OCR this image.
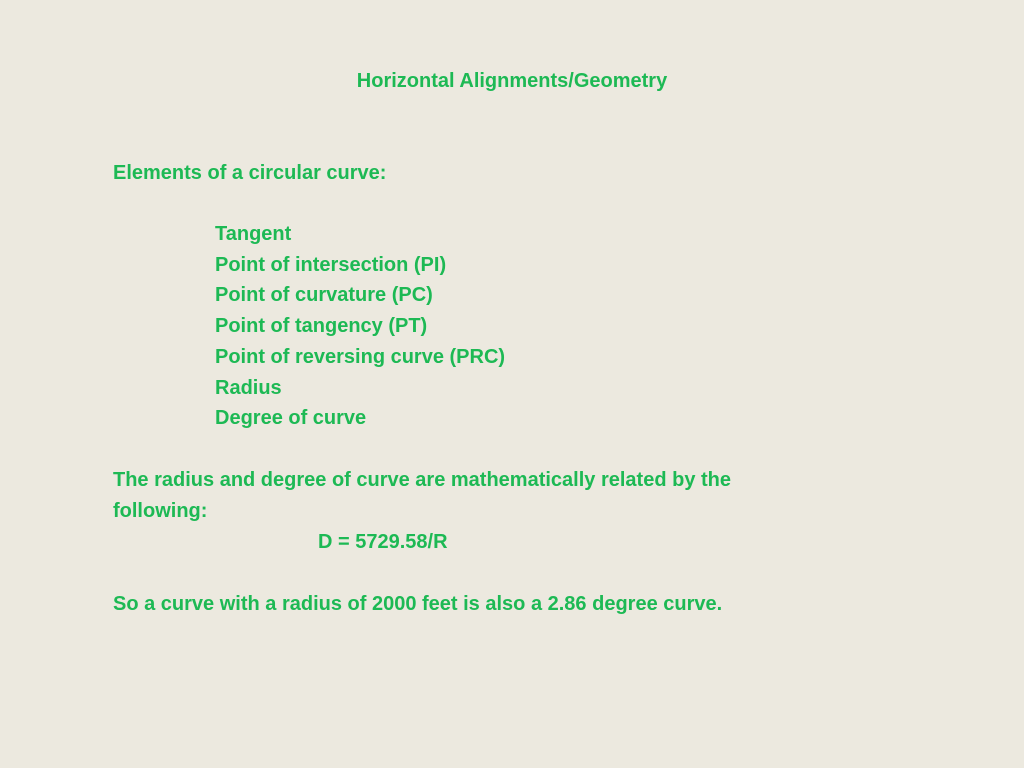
Horizontal Alignments/Geometry
Elements of a circular curve:
Tangent
Point of intersection (PI)
Point of curvature (PC)
Point of tangency (PT)
Point of reversing curve (PRC)
Radius
Degree of curve
The radius and degree of curve are mathematically related by the
following:
D = 5729.58/R
So a curve with a radius of 2000 feet is also a 2.86 degree curve.
